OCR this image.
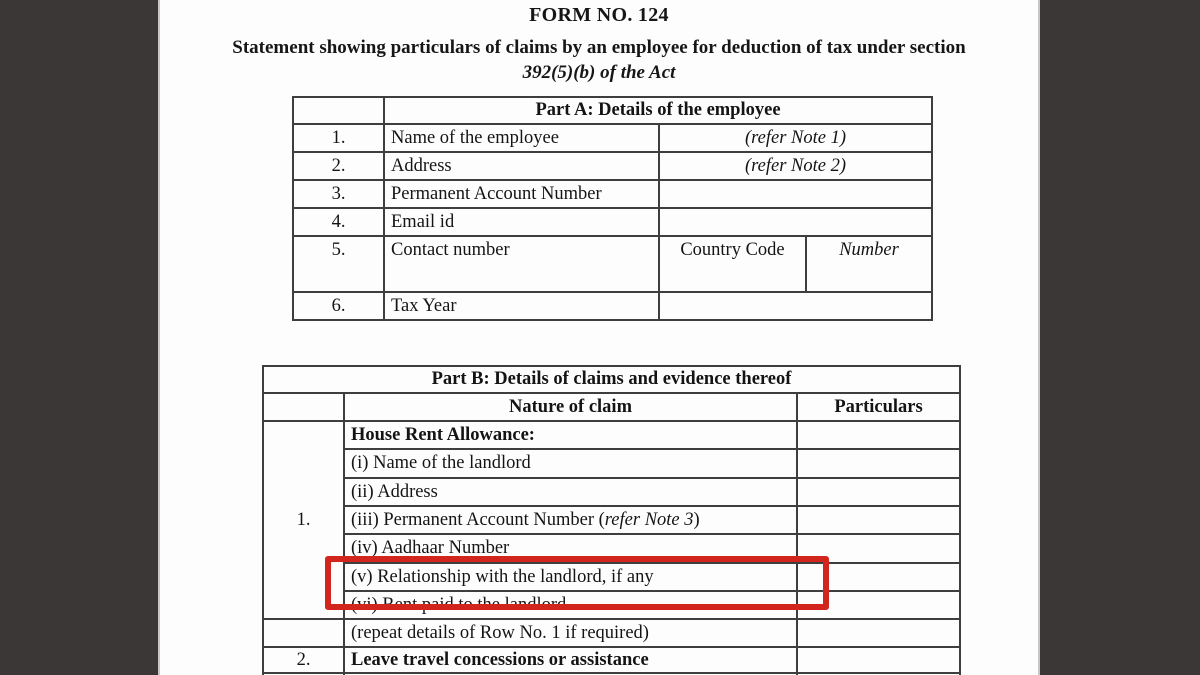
FORM NO. 124
Statement showing particulars of claims by an employee for deduction of tax under section
392(5)(b) of the Act
	Part A: Details of the employee		
1.	Name of the employee	(refer Note 1)	
2.	Address	(refer Note 2)	
3.	Permanent Account Number		
4.	Email id		
5.	Contact number	Country Code	Number
6.	Tax Year		
Part B: Details of claims and evidence thereof		
	Nature of claim	Particulars
1.	House Rent Allowance:	
	(i) Name of the landlord	
	(ii) Address	
	(iii) Permanent Account Number (refer Note 3)	
	(iv) Aadhaar Number	
	(v) Relationship with the landlord, if any	
	(vi) Rent paid to the landlord	
	(repeat details of Row No. 1 if required)	
2.	Leave travel concessions or assistance	
